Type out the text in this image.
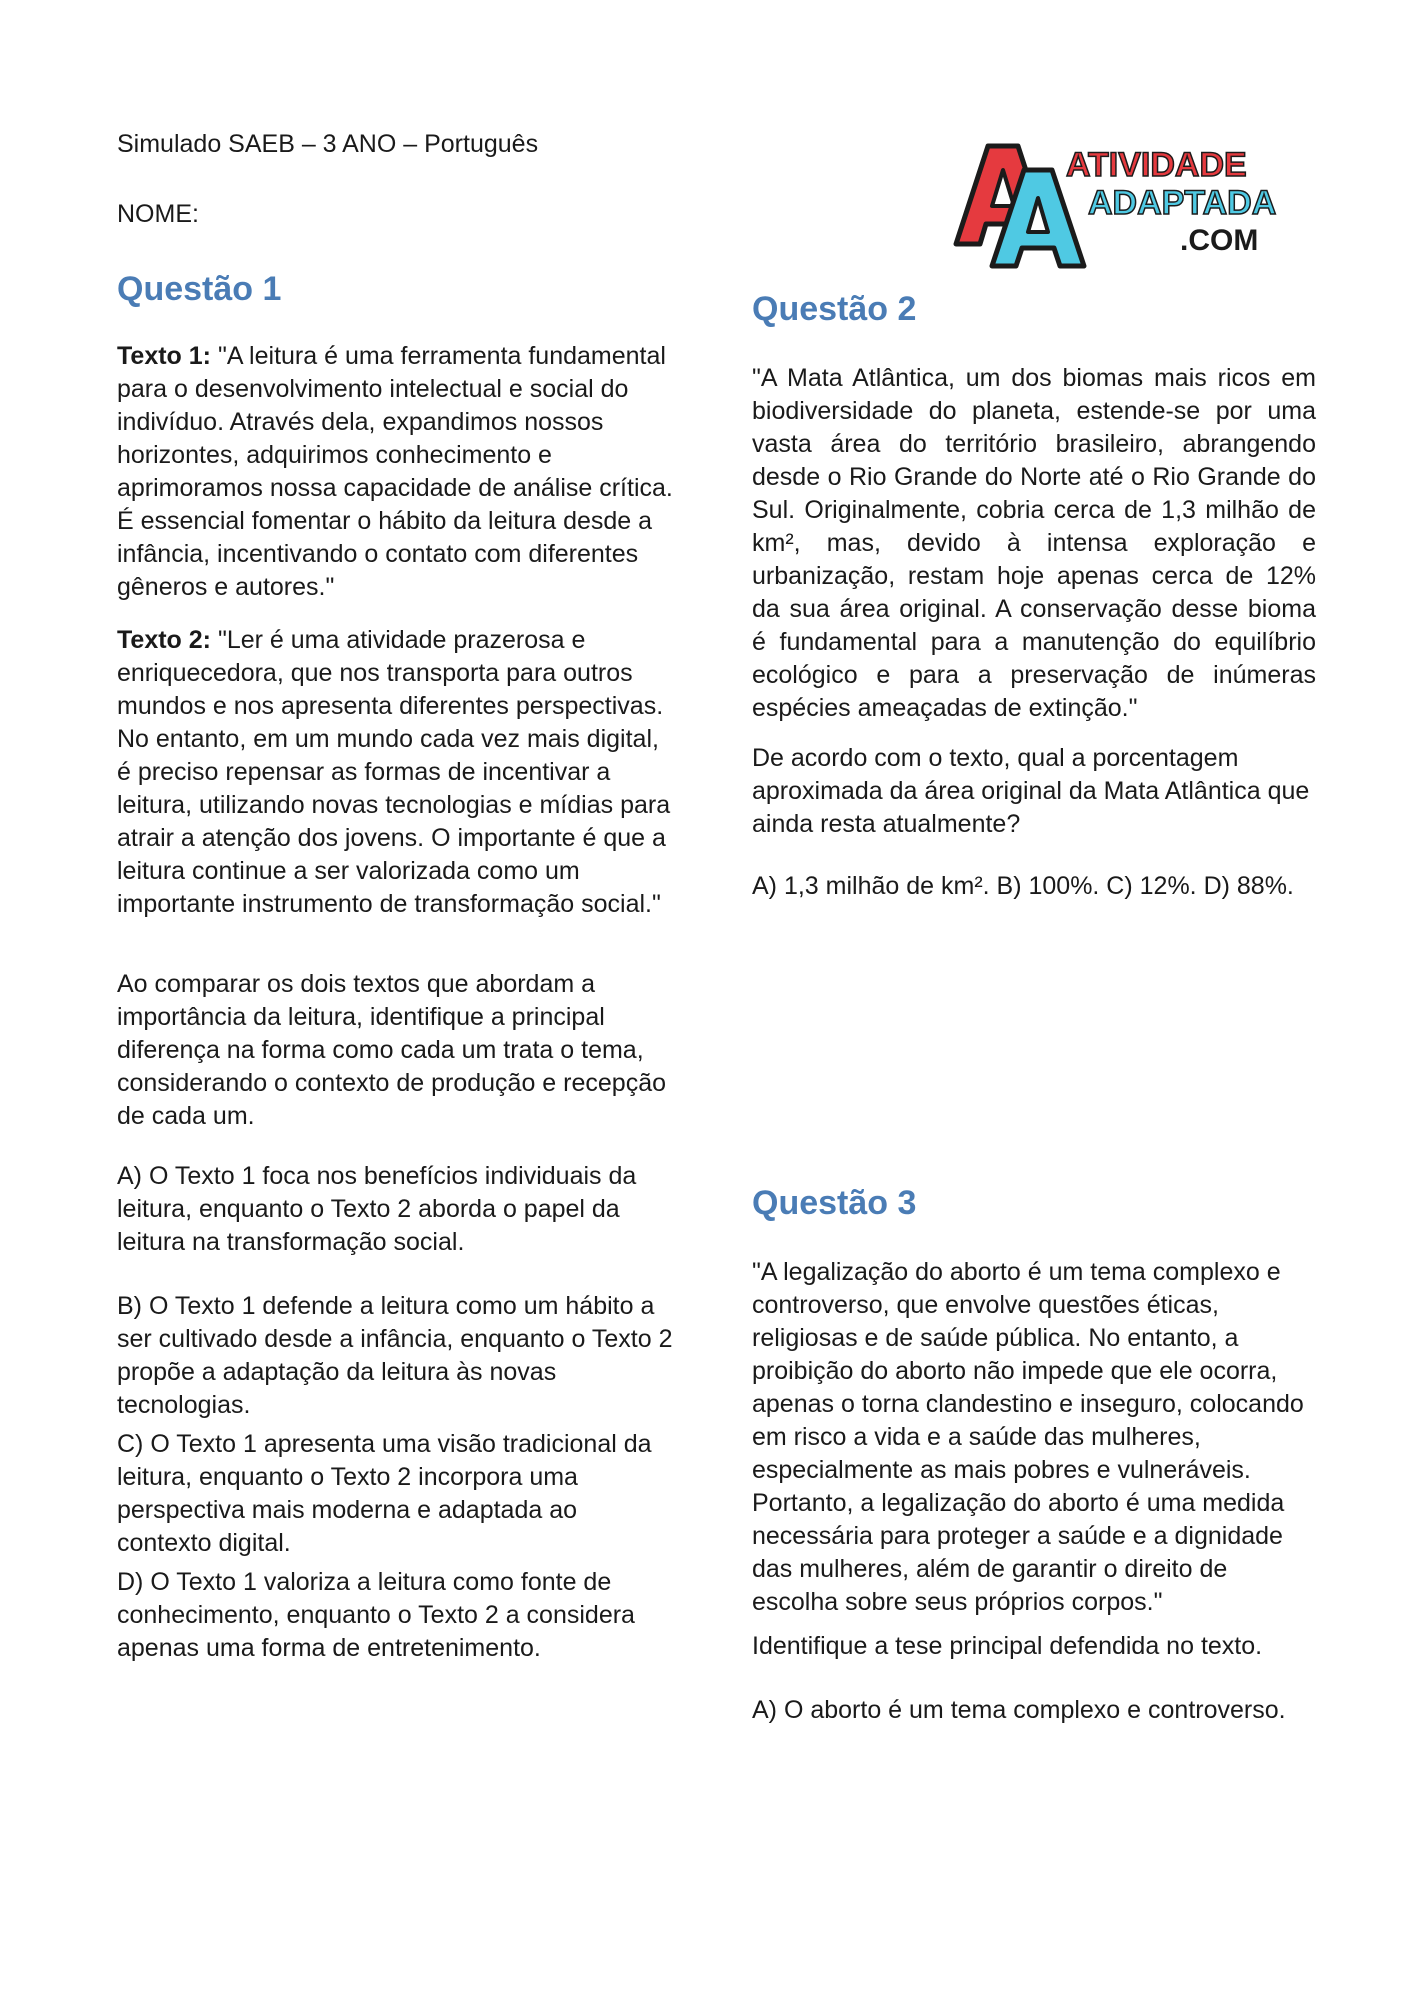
Simulado SAEB – 3 ANO – Português

NOME:

ATIVIDADE
ADAPTADA
.COM
Questão 1

Texto 1: "A leitura é uma ferramenta fundamental para o desenvolvimento intelectual e social do indivíduo. Através dela, expandimos nossos horizontes, adquirimos conhecimento e aprimoramos nossa capacidade de análise crítica. É essencial fomentar o hábito da leitura desde a infância, incentivando o contato com diferentes gêneros e autores."

Texto 2: "Ler é uma atividade prazerosa e enriquecedora, que nos transporta para outros mundos e nos apresenta diferentes perspectivas. No entanto, em um mundo cada vez mais digital, é preciso repensar as formas de incentivar a leitura, utilizando novas tecnologias e mídias para atrair a atenção dos jovens. O importante é que a leitura continue a ser valorizada como um importante instrumento de transformação social."

Ao comparar os dois textos que abordam a importância da leitura, identifique a principal diferença na forma como cada um trata o tema, considerando o contexto de produção e recepção de cada um.

A) O Texto 1 foca nos benefícios individuais da leitura, enquanto o Texto 2 aborda o papel da leitura na transformação social.

B) O Texto 1 defende a leitura como um hábito a ser cultivado desde a infância, enquanto o Texto 2 propõe a adaptação da leitura às novas tecnologias.

C) O Texto 1 apresenta uma visão tradicional da leitura, enquanto o Texto 2 incorpora uma perspectiva mais moderna e adaptada ao contexto digital.

D) O Texto 1 valoriza a leitura como fonte de conhecimento, enquanto o Texto 2 a considera apenas uma forma de entretenimento.

Questão 2

"A Mata Atlântica, um dos biomas mais ricos em biodiversidade do planeta, estende-se por uma vasta área do território brasileiro, abrangendo desde o Rio Grande do Norte até o Rio Grande do Sul. Originalmente, cobria cerca de 1,3 milhão de km², mas, devido à intensa exploração e urbanização, restam hoje apenas cerca de 12% da sua área original. A conservação desse bioma é fundamental para a manutenção do equilíbrio ecológico e para a preservação de inúmeras espécies ameaçadas de extinção."

De acordo com o texto, qual a porcentagem aproximada da área original da Mata Atlântica que ainda resta atualmente?

A) 1,3 milhão de km². B) 100%. C) 12%. D) 88%.

Questão 3

"A legalização do aborto é um tema complexo e controverso, que envolve questões éticas, religiosas e de saúde pública. No entanto, a proibição do aborto não impede que ele ocorra, apenas o torna clandestino e inseguro, colocando em risco a vida e a saúde das mulheres, especialmente as mais pobres e vulneráveis. Portanto, a legalização do aborto é uma medida necessária para proteger a saúde e a dignidade das mulheres, além de garantir o direito de escolha sobre seus próprios corpos."

Identifique a tese principal defendida no texto.

A) O aborto é um tema complexo e controverso.
